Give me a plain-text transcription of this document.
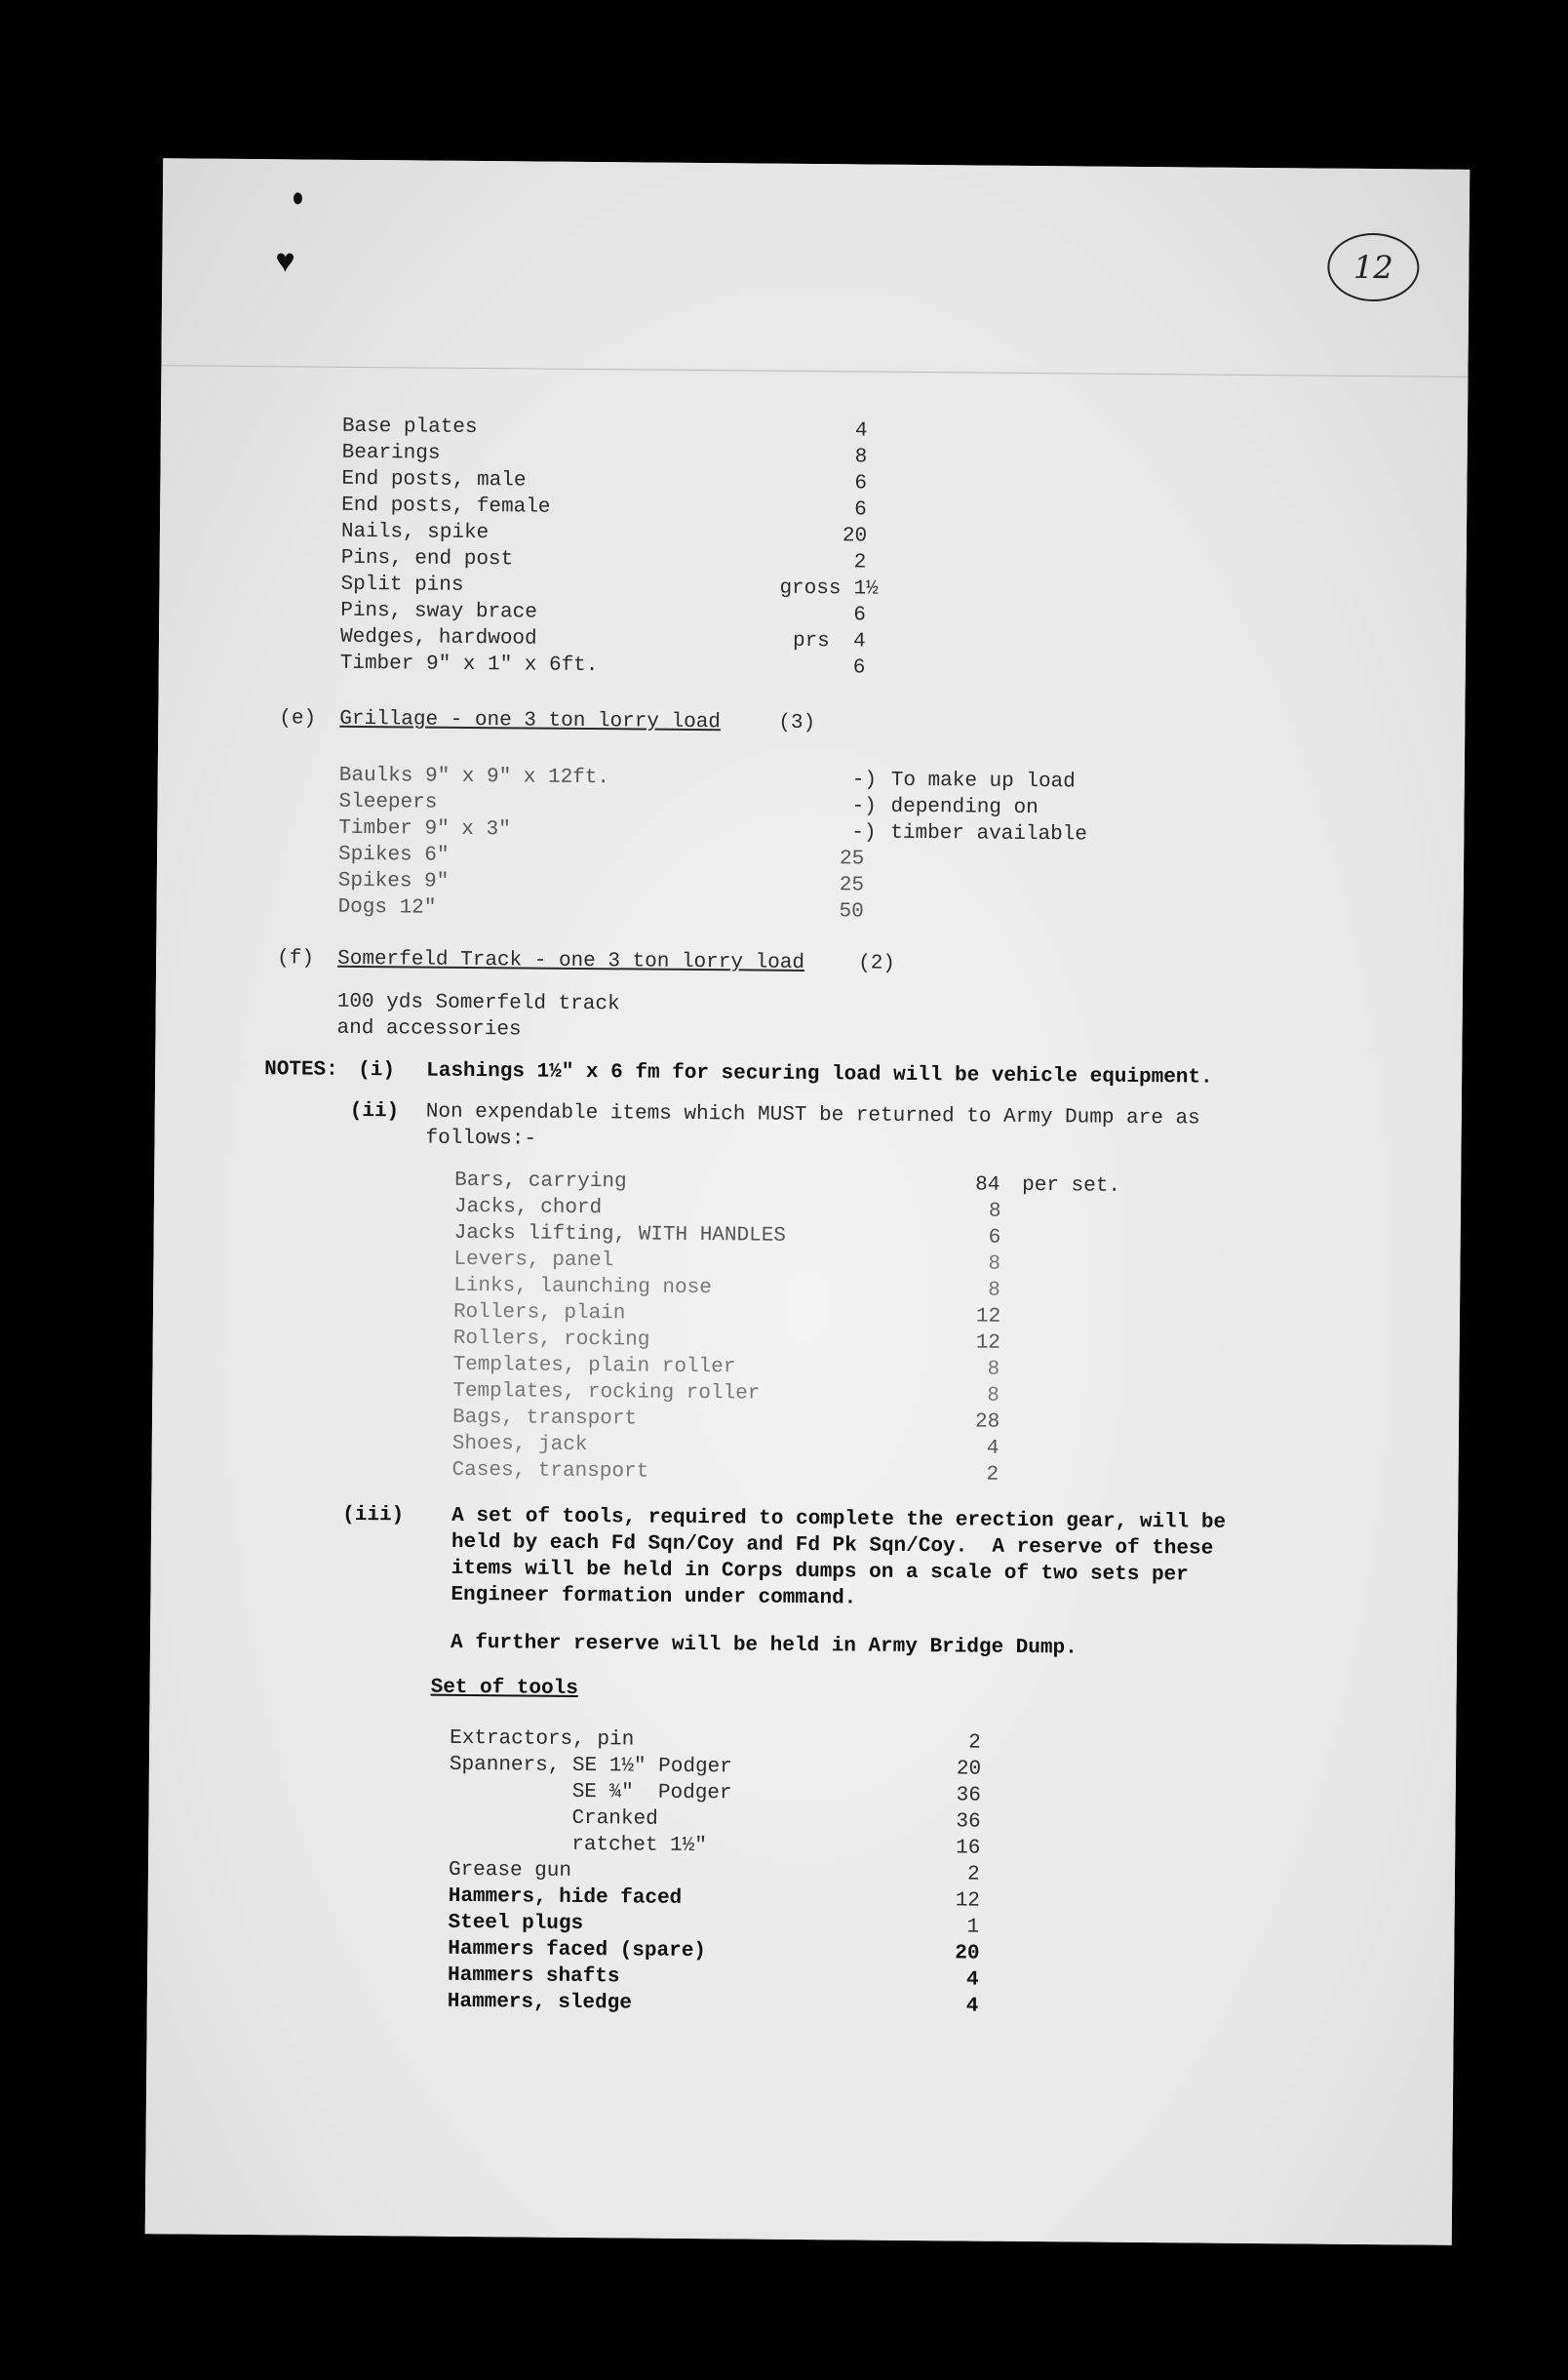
♥	12
Base plates	4
Bearings	8
End posts, male	6
End posts, female	6
Nails, spike	20
Pins, end post	2
Split pins	gross 1½
Pins, sway brace	6
Wedges, hardwood	prs 4
Timber 9" x 1" x 6ft.	6
(e) Grillage - one 3 ton lorry load	(3)
Baulks 9" x 9" x 12ft.	-) To make up load
Sleepers	-) depending on
Timber 9" x 3"	-) timber available
Spikes 6"	25
Spikes 9"	25
Dogs 12"	50
(f) Somerfeld Track - one 3 ton lorry load	(2)
100 yds Somerfeld track
and accessories
NOTES: (i) Lashings 1½" x 6 fm for securing load will be vehicle equipment.
(ii) Non expendable items which MUST be returned to Army Dump are as
follows:-
Bars, carrying	84 per set.
Jacks, chord	8
Jacks lifting, WITH HANDLES	6
Levers, panel	8
Links, launching nose	8
Rollers, plain	12
Rollers, rocking	12
Templates, plain roller	8
Templates, rocking roller	8
Bags, transport	28
Shoes, jack	4
Cases, transport	2
(iii) A set of tools, required to complete the erection gear, will be
held by each Fd Sqn/Coy and Fd Pk Sqn/Coy.  A reserve of these
items will be held in Corps dumps on a scale of two sets per
Engineer formation under command.
A further reserve will be held in Army Bridge Dump.
Set of tools
Extractors, pin	2
Spanners, SE 1½" Podger	20
SE ¾"  Podger	36
Cranked	36
ratchet 1½"	16
Grease gun	2
Hammers, hide faced	12
Steel plugs	1
Hammers faced (spare)	20
Hammers shafts	4
Hammers, sledge	4
